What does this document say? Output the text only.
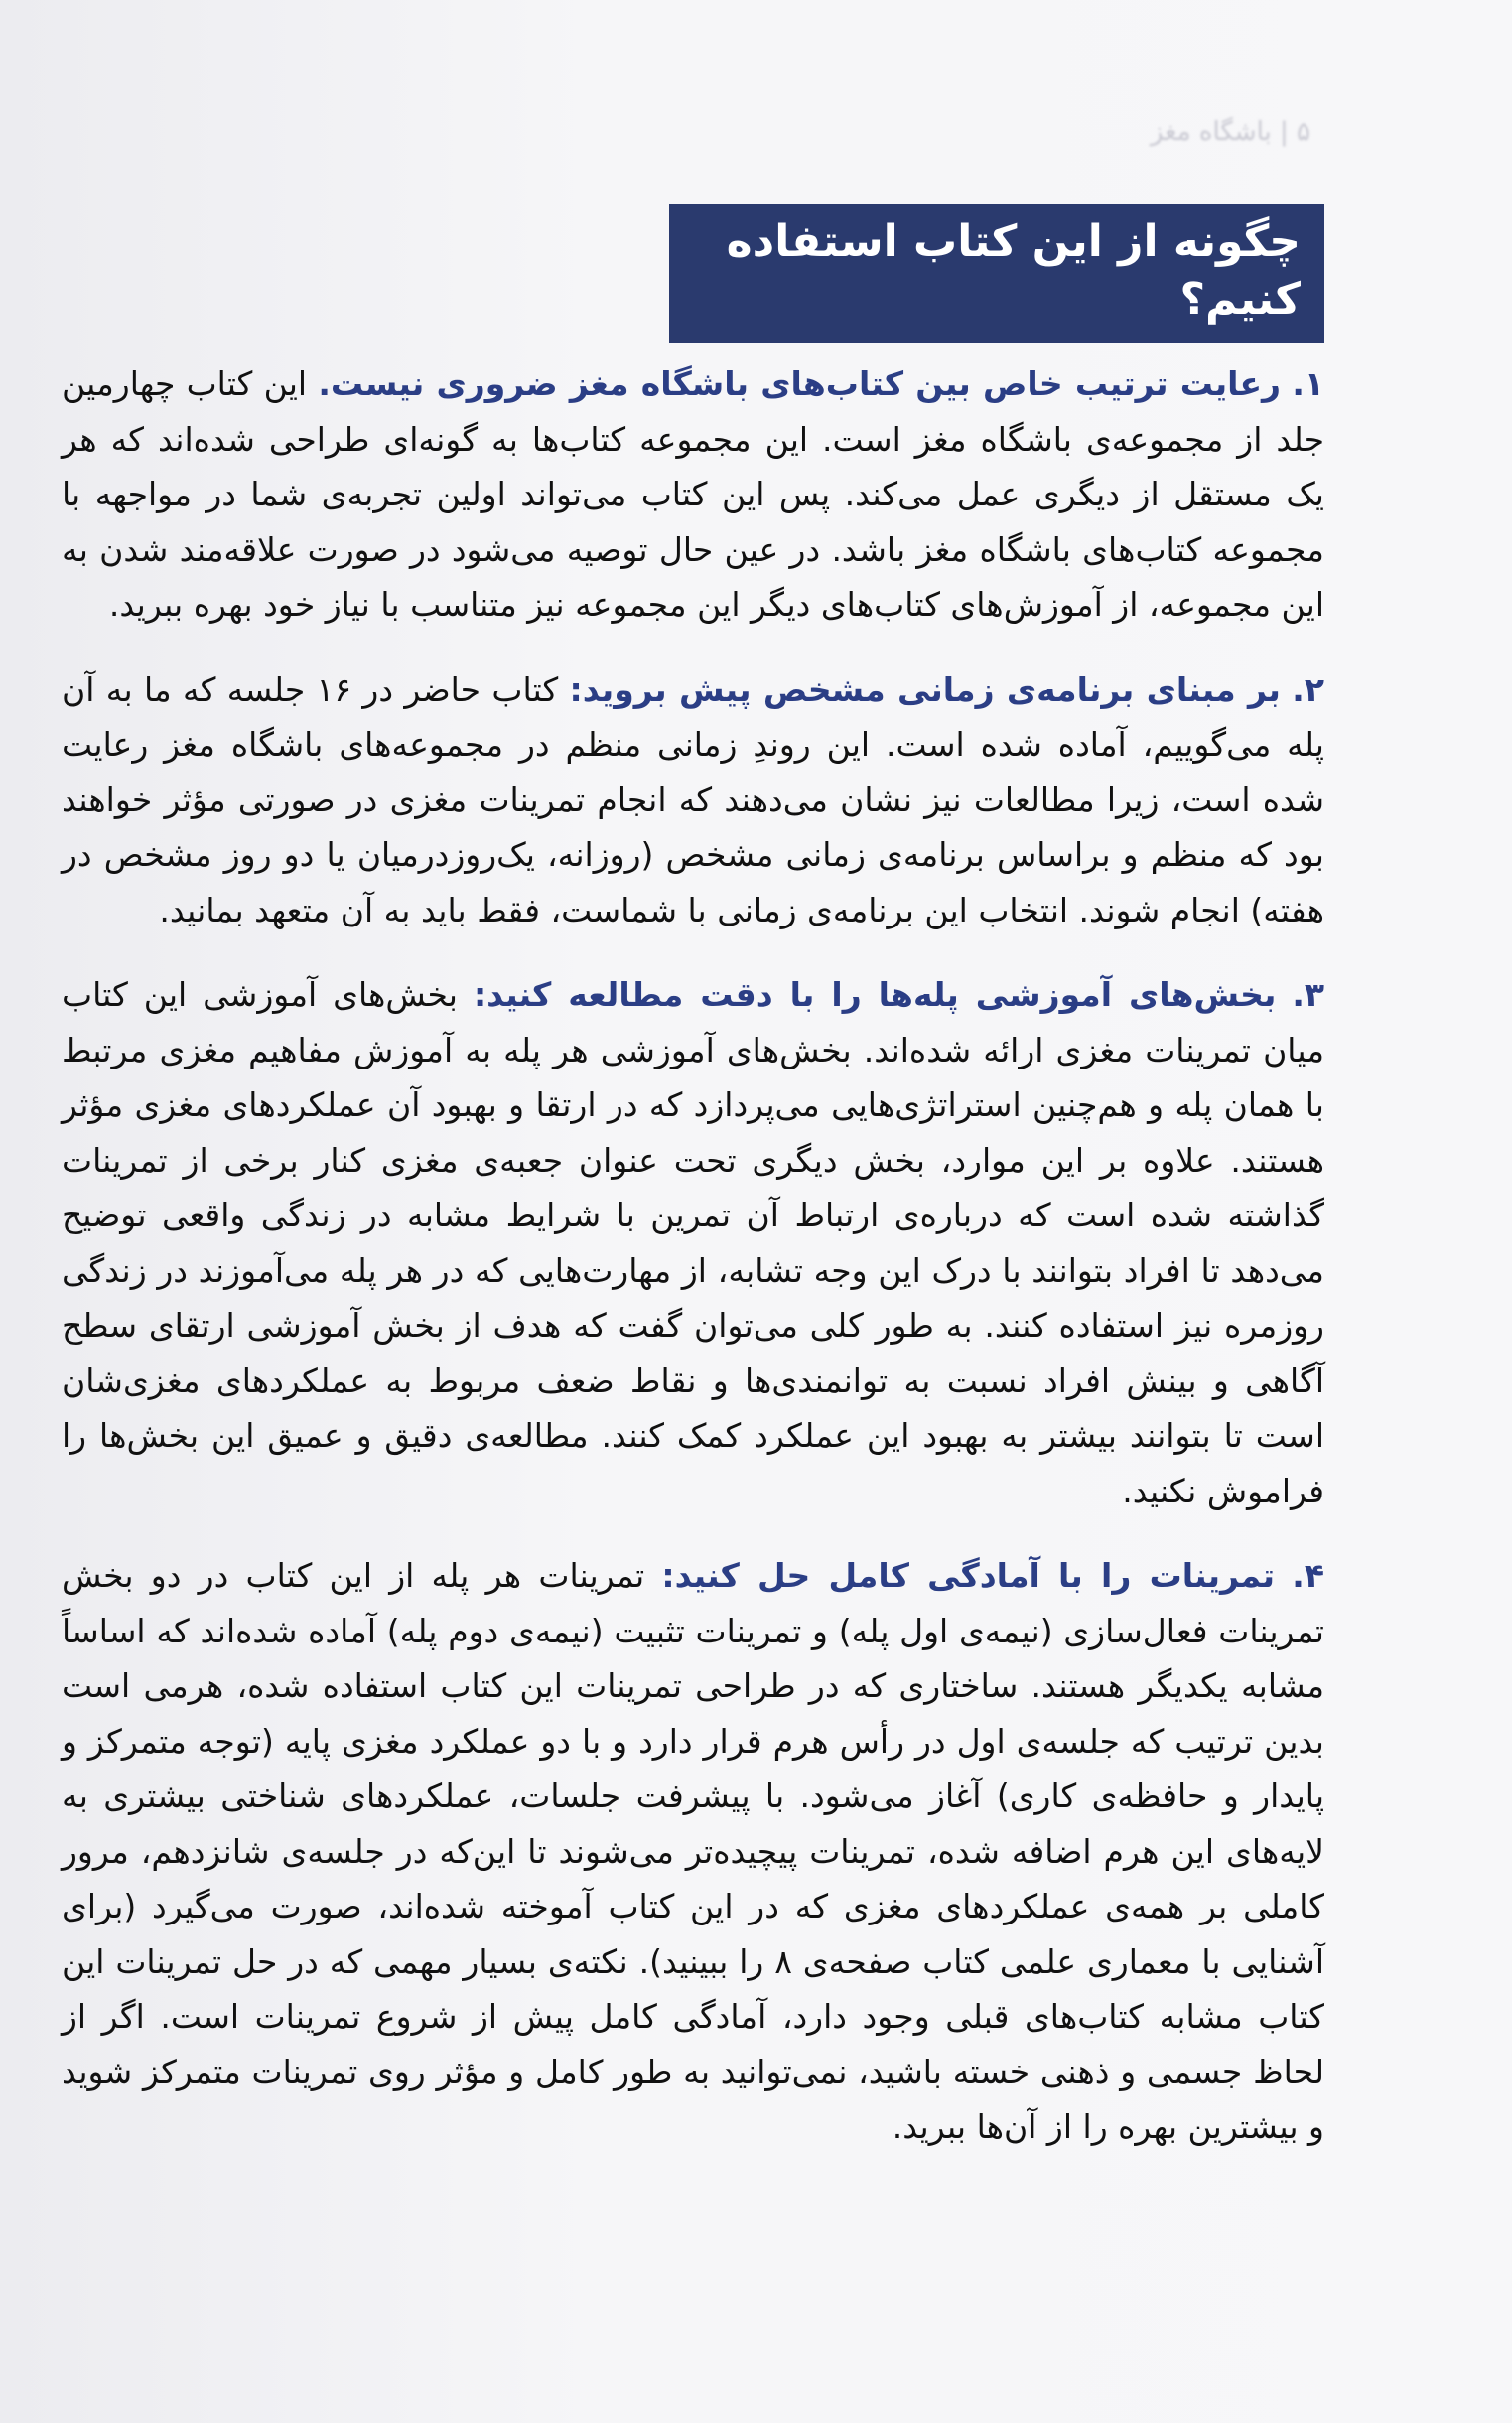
۵ | باشگاه مغز
چگونه از این کتاب استفاده کنیم؟

۱. رعایت ترتیب خاص بین کتاب‌های باشگاه مغز ضروری نیست. این کتاب چهارمین جلد از مجموعه‌ی باشگاه مغز است. این مجموعه کتاب‌ها به گونه‌ای طراحی شده‌اند که هر یک مستقل از دیگری عمل می‌کند. پس این کتاب می‌تواند اولین تجربه‌ی شما در مواجهه با مجموعه کتاب‌های باشگاه مغز باشد. در عین حال توصیه می‌شود در صورت علاقه‌مند شدن به این مجموعه، از آموزش‌های کتاب‌های دیگر این مجموعه نیز متناسب با نیاز خود بهره ببرید.

۲. بر مبنای برنامه‌ی زمانی مشخص پیش بروید: کتاب حاضر در ۱۶ جلسه که ما به آن پله می‌گوییم، آماده شده است. این روندِ زمانی منظم در مجموعه‌های باشگاه مغز رعایت شده است، زیرا مطالعات نیز نشان می‌دهند که انجام تمرینات مغزی در صورتی مؤثر خواهند بود که منظم و براساس برنامه‌ی زمانی مشخص (روزانه، یک‌روزدرمیان یا دو روز مشخص در هفته) انجام شوند. انتخاب این برنامه‌ی زمانی با شماست، فقط باید به آن متعهد بمانید.

۳. بخش‌های آموزشی پله‌ها را با دقت مطالعه کنید: بخش‌های آموزشی این کتاب میان تمرینات مغزی ارائه شده‌اند. بخش‌های آموزشی هر پله به آموزش مفاهیم مغزی مرتبط با همان پله و هم‌چنین استراتژی‌هایی می‌پردازد که در ارتقا و بهبود آن عملکردهای مغزی مؤثر هستند. علاوه بر این موارد، بخش دیگری تحت عنوان جعبه‌ی مغزی کنار برخی از تمرینات گذاشته شده است که درباره‌ی ارتباط آن تمرین با شرایط مشابه در زندگی واقعی توضیح می‌دهد تا افراد بتوانند با درک این وجه تشابه، از مهارت‌هایی که در هر پله می‌آموزند در زندگی روزمره نیز استفاده کنند. به طور کلی می‌توان گفت که هدف از بخش آموزشی ارتقای سطح آگاهی و بینش افراد نسبت به توانمندی‌ها و نقاط ضعف مربوط به عملکردهای مغزی‌شان است تا بتوانند بیشتر به بهبود این عملکرد کمک کنند. مطالعه‌ی دقیق و عمیق این بخش‌ها را فراموش نکنید.

۴. تمرینات را با آمادگی کامل حل کنید: تمرینات هر پله از این کتاب در دو بخش تمرینات فعال‌سازی (نیمه‌ی اول پله) و تمرینات تثبیت (نیمه‌ی دوم پله) آماده شده‌اند که اساساً مشابه یکدیگر هستند. ساختاری که در طراحی تمرینات این کتاب استفاده شده، هرمی است بدین ترتیب که جلسه‌ی اول در رأس هرم قرار دارد و با دو عملکرد مغزی پایه (توجه متمرکز و پایدار و حافظه‌ی کاری) آغاز می‌شود. با پیشرفت جلسات، عملکردهای شناختی بیشتری به لایه‌های این هرم اضافه شده، تمرینات پیچیده‌تر می‌شوند تا این‌که در جلسه‌ی شانزدهم، مرور کاملی بر همه‌ی عملکردهای مغزی که در این کتاب آموخته شده‌اند، صورت می‌گیرد (برای آشنایی با معماری علمی کتاب صفحه‌ی ۸ را ببینید). نکته‌ی بسیار مهمی که در حل تمرینات این کتاب مشابه کتاب‌های قبلی وجود دارد، آمادگی کامل پیش از شروع تمرینات است. اگر از لحاظ جسمی و ذهنی خسته باشید، نمی‌توانید به طور کامل و مؤثر روی تمرینات متمرکز شوید و بیشترین بهره را از آن‌ها ببرید.
